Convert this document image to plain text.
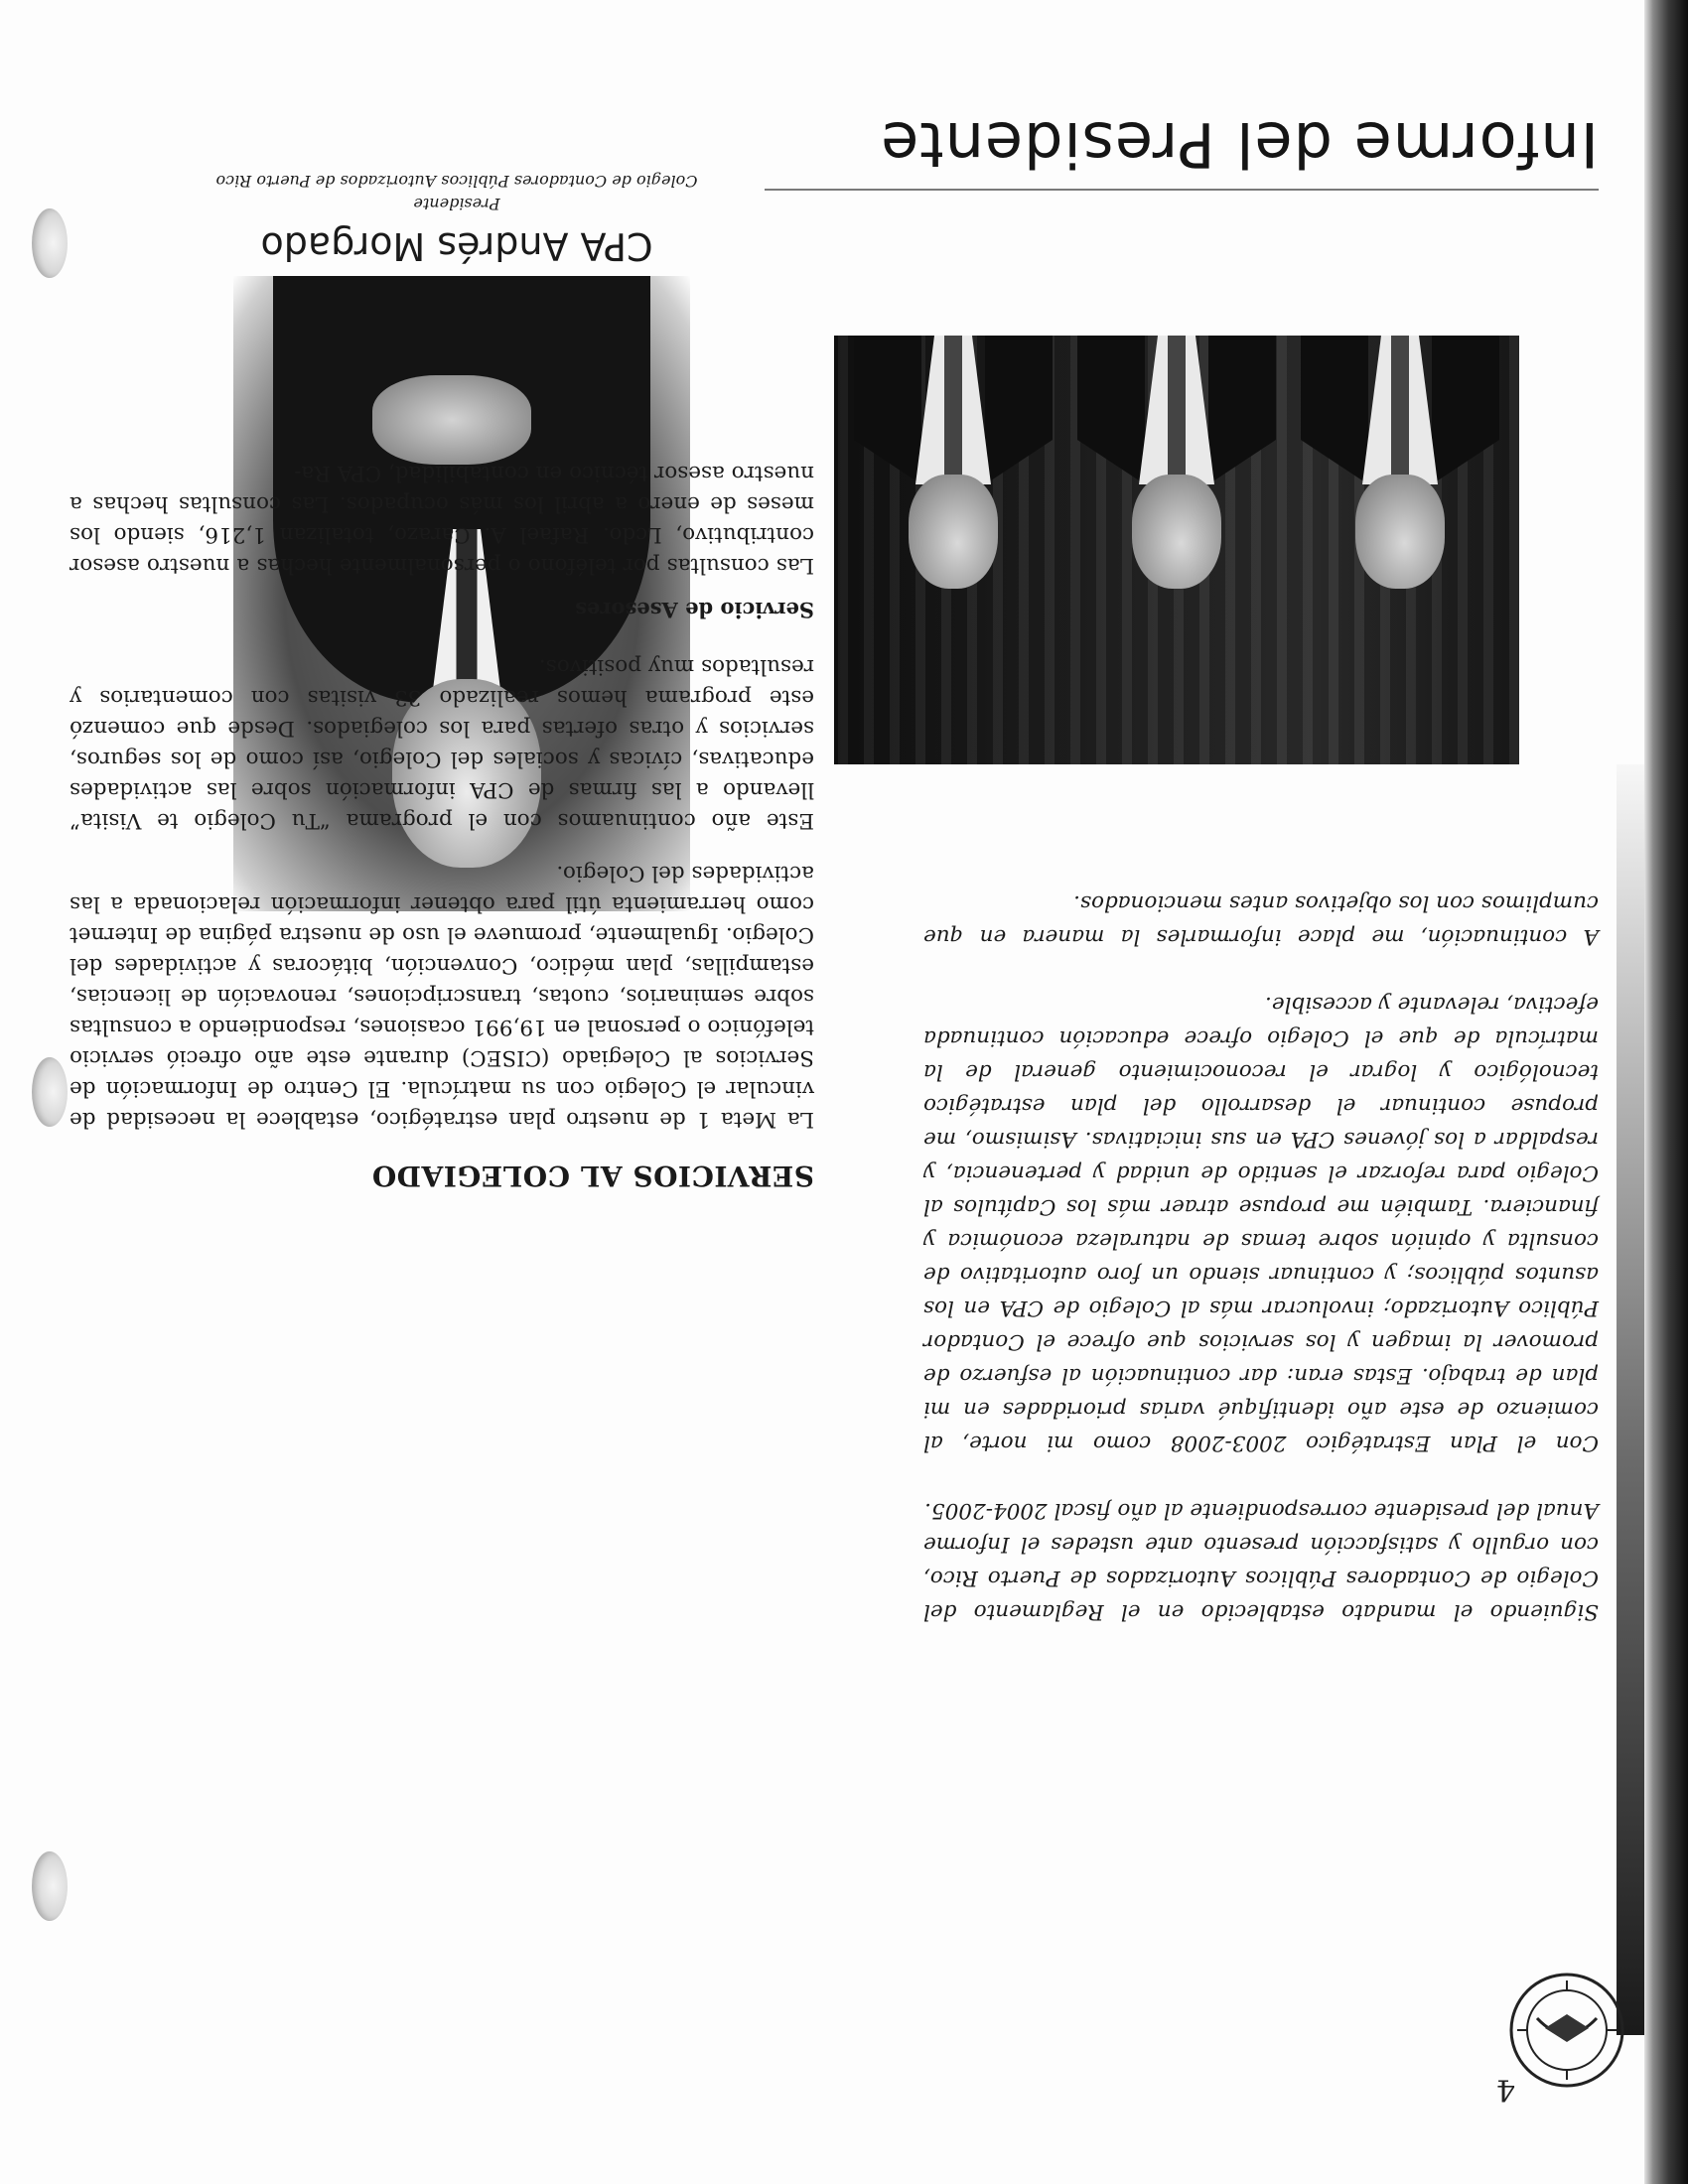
Informe del Presidente

Siguiendo el mandato establecido en el Reglamento del Colegio de Contadores Públicos Autorizados de Puerto Rico, con orgullo y satisfacción presento ante ustedes el Informe Anual del presidente correspondiente al año fiscal 2004-2005.

Con el Plan Estratégico 2003-2008 como mi norte, al comienzo de este año identifiqué varias prioridades en mi plan de trabajo. Estas eran: dar continuación al esfuerzo de promover la imagen y los servicios que ofrece el Contador Público Autorizado; involucrar más al Colegio de CPA en los asuntos públicos; y continuar siendo un foro autoritativo de consulta y opinión sobre temas de naturaleza económica y financiera. También me propuse atraer más los Capítulos al Colegio para reforzar el sentido de unidad y pertenencia, y respaldar a los jóvenes CPA en sus iniciativas. Asimismo, me propuse continuar el desarrollo del plan estratégico tecnológico y lograr el reconocimiento general de la matrícula de que el Colegio ofrece educación continuada efectiva, relevante y accesible.

A continuación, me place informarles la manera en que cumplimos con los objetivos antes mencionados.

CPA Andrés Morgado
Presidente
Colegio de Contadores Públicos Autorizados de Puerto Rico
SERVICIOS AL COLEGIADO

La Meta 1 de nuestro plan estratégico, establece la necesidad de vincular el Colegio con su matrícula. El Centro de Información de Servicios al Colegiado (CISEC) durante este año ofreció servicio telefónico o personal en 19,991 ocasiones, respondiendo a consultas sobre seminarios, cuotas, transcripciones, renovación de licencias, estampillas, plan médico, Convención, bitácoras y actividades del Colegio. Igualmente, promueve el uso de nuestra página de Internet como herramienta útil para obtener información relacionada a las actividades del Colegio.

Este año continuamos con el programa “Tu Colegio te Visita” llevando a las firmas de CPA información sobre las actividades educativas, cívicas y sociales del Colegio, así como de los seguros, servicios y otras ofertas para los colegiados. Desde que comenzó este programa hemos realizado 33 visitas con comentarios y resultados muy positivos.

Servicio de Asesores

Las consultas por teléfono o personalmente hechas a nuestro asesor contributivo, Lcdo. Rafael A. Carazo, totalizan 1,216, siendo los meses de enero a abril los más ocupados. Las consultas hechas a nuestro asesor técnico en contabilidad, CPA Ra-

4
